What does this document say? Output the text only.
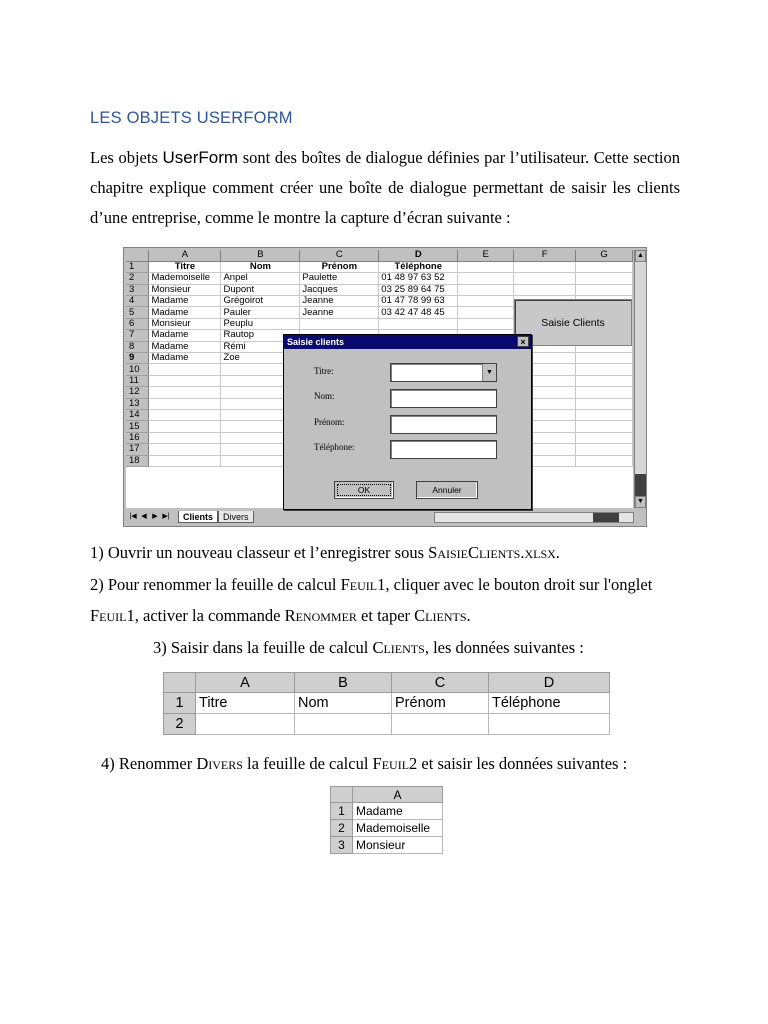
LES OBJETS USERFORM
Les objets UserForm sont des boîtes de dialogue définies par l’utilisateur. Cette section chapitre explique comment créer une boîte de dialogue permettant de saisir les clients d’une entreprise, comme le montre la capture d’écran suivante :
	A	B	C	D	E	F	G
1	Titre	Nom	Prénom	Téléphone			
2	Mademoiselle	Anpel	Paulette	01 48 97 63 52			
3	Monsieur	Dupont	Jacques	03 25 89 64 75			
4	Madame	Grégoirot	Jeanne	01 47 78 99 63			
5	Madame	Pauler	Jeanne	03 42 47 48 45			
6	Monsieur	Peuplu					
7	Madame	Rautop					
8	Madame	Rémi					
9	Madame	Zoe					
10							
11							
12							
13							
14							
15							
16							
17							
18							
▲
▼
|◀ ◀ ▶ ▶|	Clients	Divers
Saisie Clients
Saisie clients	×
Titre:	▼
Nom:
Prénom:
Téléphone:
OK	Annuler
1) Ouvrir un nouveau classeur et l’enregistrer sous SaisieClients.xlsx.
2) Pour renommer la feuille de calcul Feuil1, cliquer avec le bouton droit sur l'onglet
Feuil1, activer la commande Renommer et taper Clients.
3) Saisir dans la feuille de calcul Clients, les données suivantes :
	A	B	C	D
1	Titre	Nom	Prénom	Téléphone
2				
4) Renommer Divers la feuille de calcul Feuil2 et saisir les données suivantes :
	A
1	Madame
2	Mademoiselle
3	Monsieur
